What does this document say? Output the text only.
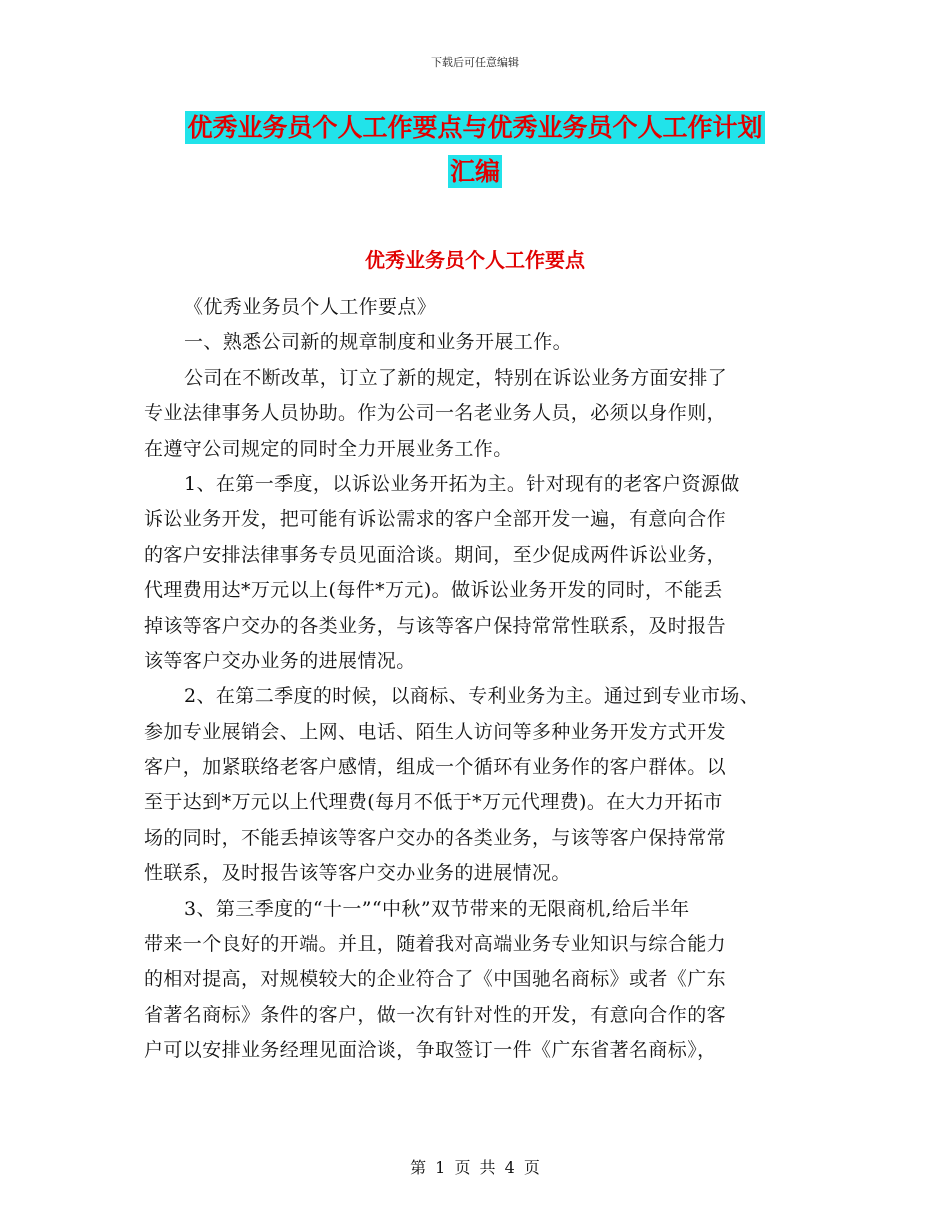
下载后可任意编辑
优秀业务员个人工作要点与优秀业务员个人工作计划
汇编
优秀业务员个人工作要点
《优秀业务员个人工作要点》
一、熟悉公司新的规章制度和业务开展工作。
公司在不断改革，订立了新的规定，特别在诉讼业务方面安排了
专业法律事务人员协助。作为公司一名老业务人员，必须以身作则，
在遵守公司规定的同时全力开展业务工作。
1、在第一季度，以诉讼业务开拓为主。针对现有的老客户资源做
诉讼业务开发，把可能有诉讼需求的客户全部开发一遍，有意向合作
的客户安排法律事务专员见面洽谈。期间，至少促成两件诉讼业务，
代理费用达*万元以上(每件*万元)。做诉讼业务开发的同时，不能丢
掉该等客户交办的各类业务，与该等客户保持常常性联系，及时报告
该等客户交办业务的进展情况。
2、在第二季度的时候，以商标、专利业务为主。通过到专业市场、
参加专业展销会、上网、电话、陌生人访问等多种业务开发方式开发
客户，加紧联络老客户感情，组成一个循环有业务作的客户群体。以
至于达到*万元以上代理费(每月不低于*万元代理费)。在大力开拓市
场的同时，不能丢掉该等客户交办的各类业务，与该等客户保持常常
性联系，及时报告该等客户交办业务的进展情况。
3、第三季度的“十一”“中秋”双节带来的无限商机,给后半年
带来一个良好的开端。并且，随着我对高端业务专业知识与综合能力
的相对提高，对规模较大的企业符合了《中国驰名商标》或者《广东
省著名商标》条件的客户，做一次有针对性的开发，有意向合作的客
户可以安排业务经理见面洽谈，争取签订一件《广东省著名商标》，
第 1 页 共 4 页
